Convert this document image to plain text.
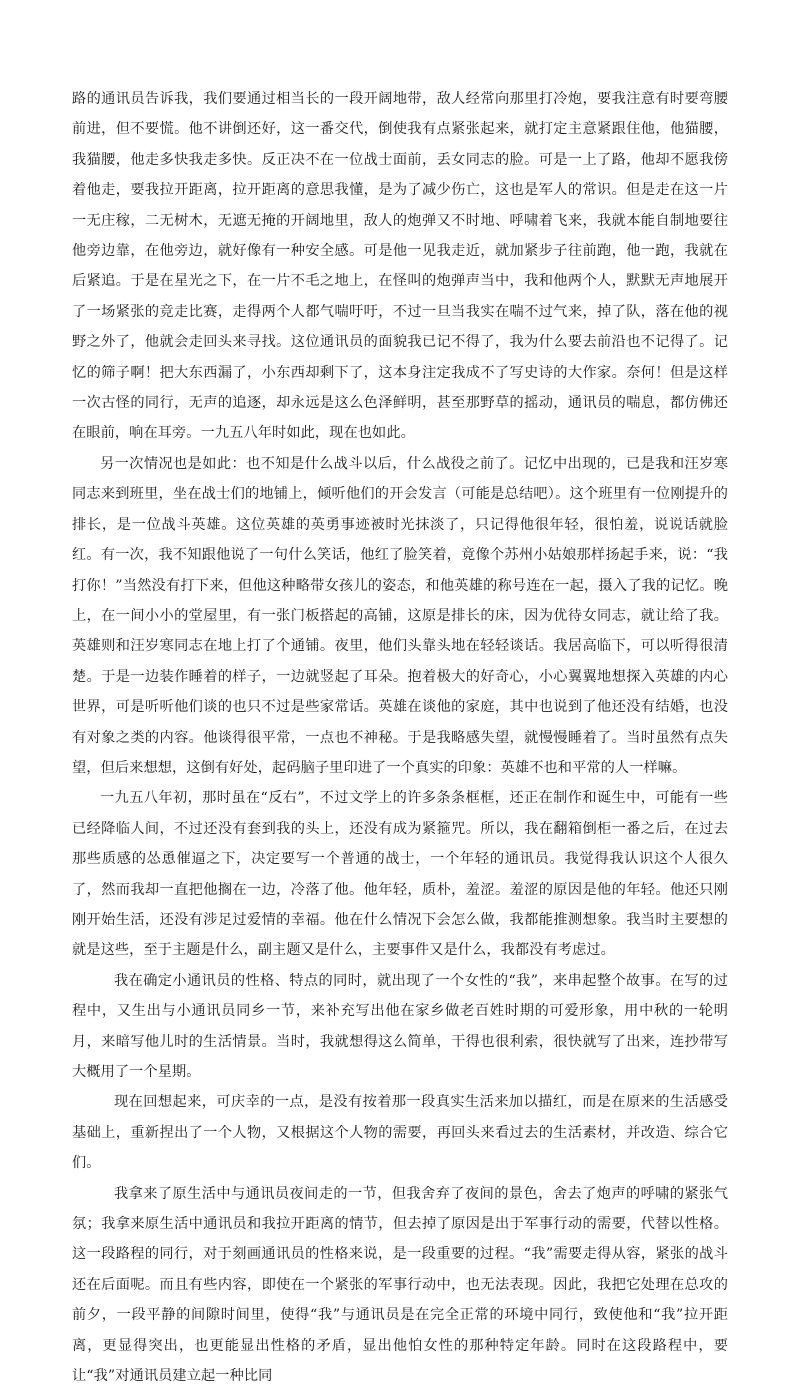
路的通讯员告诉我，我们要通过相当长的一段开阔地带，敌人经常向那里打冷炮，要我注意有时要弯腰前进，但不要慌。他不讲倒还好，这一番交代，倒使我有点紧张起来，就打定主意紧跟住他，他猫腰，我猫腰，他走多快我走多快。反正决不在一位战士面前，丢女同志的脸。可是一上了路，他却不愿我傍着他走，要我拉开距离，拉开距离的意思我懂，是为了减少伤亡，这也是军人的常识。但是走在这一片一无庄稼，二无树木，无遮无掩的开阔地里，敌人的炮弹又不时地、呼啸着飞来，我就本能自制地要往他旁边靠，在他旁边，就好像有一种安全感。可是他一见我走近，就加紧步子往前跑，他一跑，我就在后紧追。于是在星光之下，在一片不毛之地上，在怪叫的炮弹声当中，我和他两个人，默默无声地展开了一场紧张的竞走比赛，走得两个人都气喘吁吁，不过一旦当我实在喘不过气来，掉了队，落在他的视野之外了，他就会走回头来寻找。这位通讯员的面貌我已记不得了，我为什么要去前沿也不记得了。记忆的筛子啊！把大东西漏了，小东西却剩下了，这本身注定我成不了写史诗的大作家。奈何！但是这样一次古怪的同行，无声的追逐，却永远是这么色泽鲜明，甚至那野草的摇动，通讯员的喘息，都仿佛还在眼前，响在耳旁。一九五八年时如此，现在也如此。

另一次情况也是如此：也不知是什么战斗以后，什么战役之前了。记忆中出现的，已是我和汪岁寒同志来到班里，坐在战士们的地铺上，倾听他们的开会发言（可能是总结吧）。这个班里有一位刚提升的排长，是一位战斗英雄。这位英雄的英勇事迹被时光抹淡了，只记得他很年轻，很怕羞，说说话就脸红。有一次，我不知跟他说了一句什么笑话，他红了脸笑着，竟像个苏州小姑娘那样扬起手来，说：“我打你！”当然没有打下来，但他这种略带女孩儿的姿态，和他英雄的称号连在一起，摄入了我的记忆。晚上，在一间小小的堂屋里，有一张门板搭起的高铺，这原是排长的床，因为优待女同志，就让给了我。英雄则和汪岁寒同志在地上打了个通铺。夜里，他们头靠头地在轻轻谈话。我居高临下，可以听得很清楚。于是一边装作睡着的样子，一边就竖起了耳朵。抱着极大的好奇心，小心翼翼地想探入英雄的内心世界，可是听听他们谈的也只不过是些家常话。英雄在谈他的家庭，其中也说到了他还没有结婚，也没有对象之类的内容。他谈得很平常，一点也不神秘。于是我略感失望，就慢慢睡着了。当时虽然有点失望，但后来想想，这倒有好处，起码脑子里印进了一个真实的印象：英雄不也和平常的人一样嘛。

一九五八年初，那时虽在“反右”，不过文学上的许多条条框框，还正在制作和诞生中，可能有一些已经降临人间，不过还没有套到我的头上，还没有成为紧箍咒。所以，我在翻箱倒柜一番之后，在过去那些质感的怂恿催逼之下，决定要写一个普通的战士，一个年轻的通讯员。我觉得我认识这个人很久了，然而我却一直把他搁在一边，冷落了他。他年轻，质朴，羞涩。羞涩的原因是他的年轻。他还只刚刚开始生活，还没有涉足过爱情的幸福。他在什么情况下会怎么做，我都能推测想象。我当时主要想的就是这些，至于主题是什么，副主题又是什么，主要事件又是什么，我都没有考虑过。

我在确定小通讯员的性格、特点的同时，就出现了一个女性的“我”，来串起整个故事。在写的过程中，又生出与小通讯员同乡一节，来补充写出他在家乡做老百姓时期的可爱形象，用中秋的一轮明月，来暗写他儿时的生活情景。当时，我就想得这么简单，干得也很利索，很快就写了出来，连抄带写大概用了一个星期。

现在回想起来，可庆幸的一点，是没有按着那一段真实生活来加以描红，而是在原来的生活感受基础上，重新捏出了一个人物，又根据这个人物的需要，再回头来看过去的生活素材，并改造、综合它们。

我拿来了原生活中与通讯员夜间走的一节，但我舍弃了夜间的景色，舍去了炮声的呼啸的紧张气氛；我拿来原生活中通讯员和我拉开距离的情节，但去掉了原因是出于军事行动的需要，代替以性格。这一段路程的同行，对于刻画通讯员的性格来说，是一段重要的过程。“我”需要走得从容，紧张的战斗还在后面呢。而且有些内容，即使在一个紧张的军事行动中，也无法表现。因此，我把它处理在总攻的前夕，一段平静的间隙时间里，使得“我”与通讯员是在完全正常的环境中同行，致使他和“我”拉开距离，更显得突出，也更能显出性格的矛盾，显出他怕女性的那种特定年龄。同时在这段路程中，要让“我”对通讯员建立起一种比同
